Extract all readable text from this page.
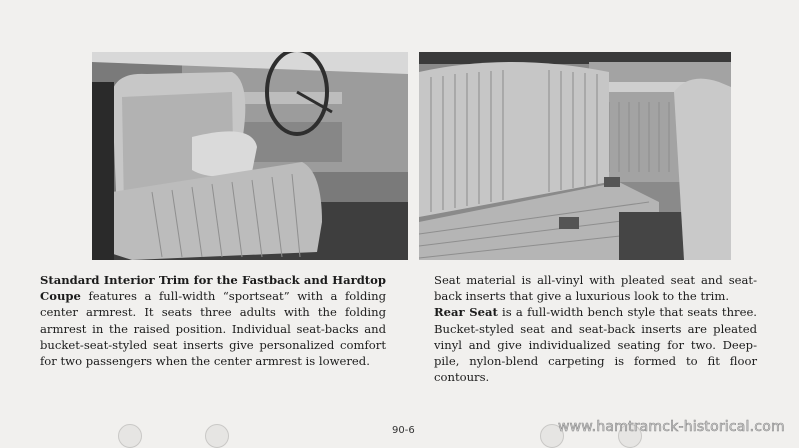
Standard Interior Trim for the Fastback and Hardtop Coupe features a full-width “sportseat” with a folding center armrest. It seats three adults with the folding armrest in the raised position. Individual seat-backs and bucket-seat-styled seat inserts give personalized comfort for two passengers when the center armrest is lowered.

Seat material is all-vinyl with pleated seat and seat-back inserts that give a luxurious look to the trim.

Rear Seat is a full-width bench style that seats three. Bucket-styled seat and seat-back inserts are pleated vinyl and give individualized seating for two. Deep-pile, nylon-blend carpeting is formed to fit floor contours.

90-6	www.hamtramck-historical.com
